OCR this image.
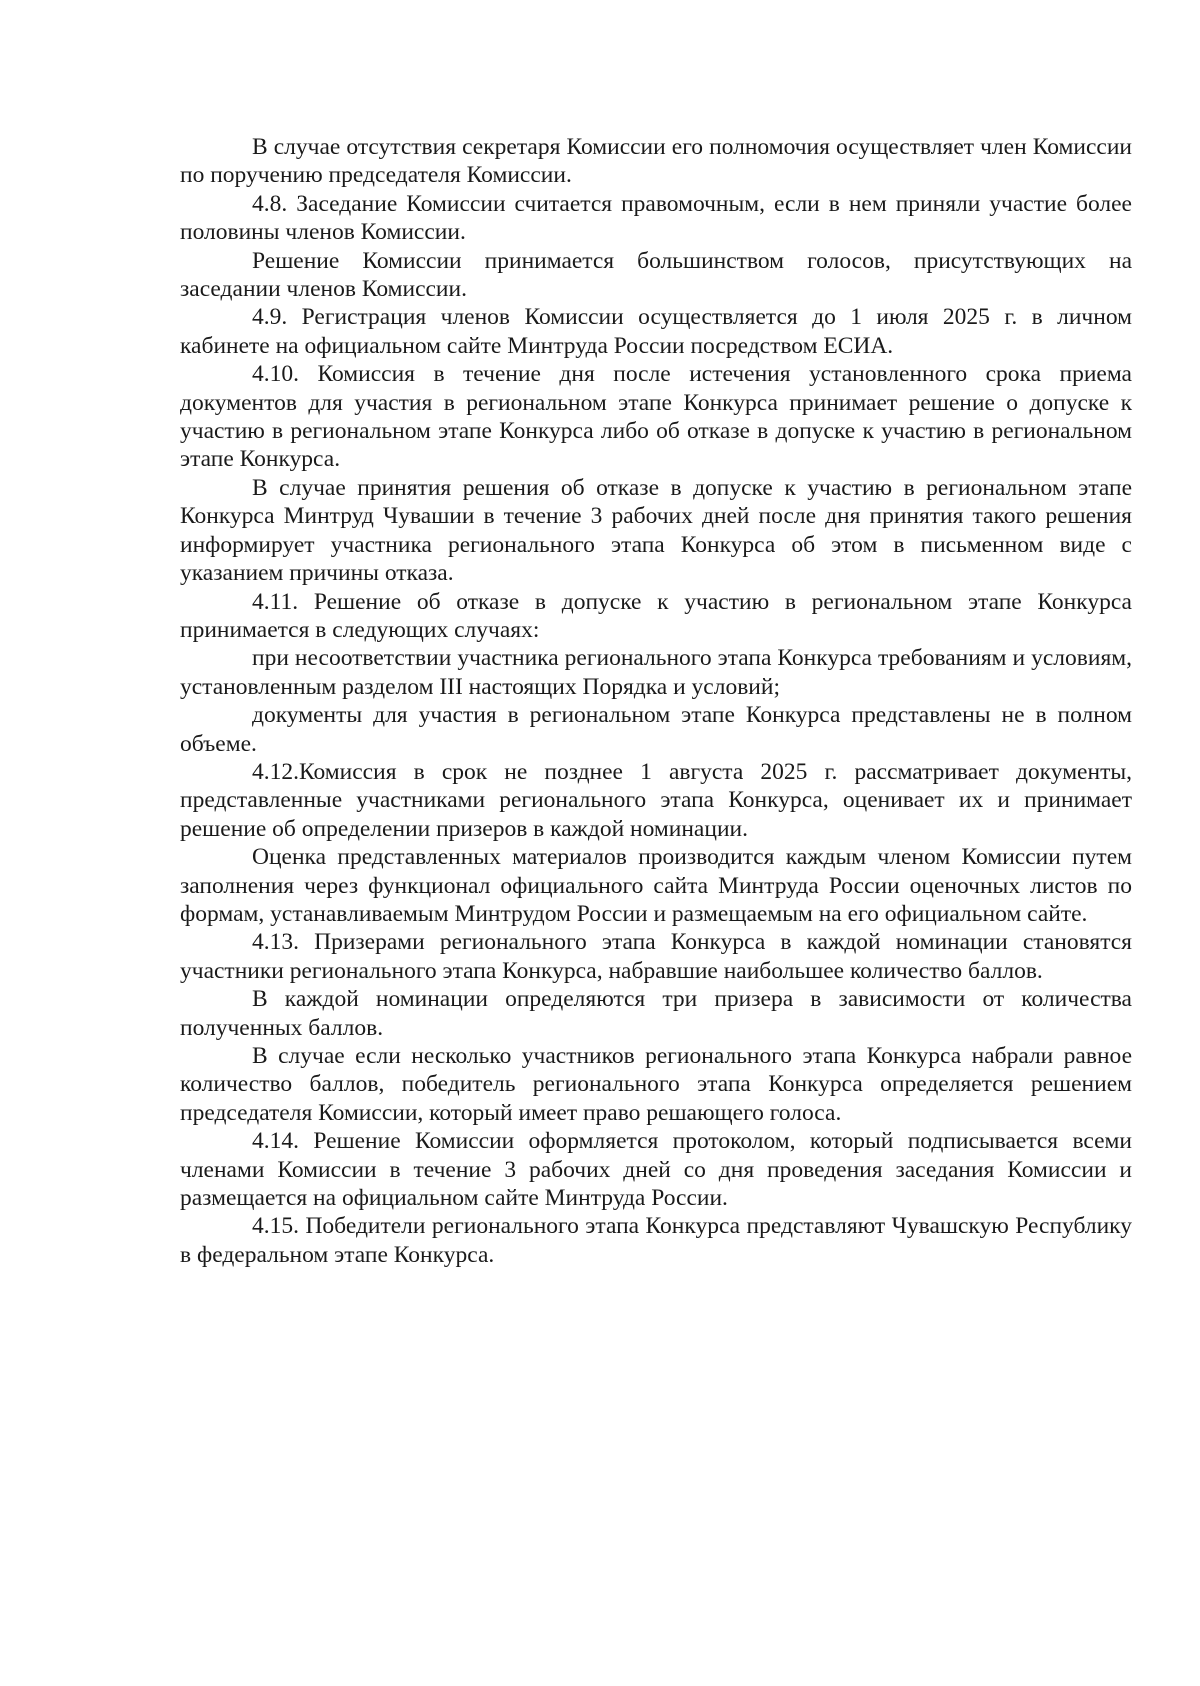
В случае отсутствия секретаря Комиссии его полномочия осуществляет член Комиссии по поручению председателя Комиссии.

4.8. Заседание Комиссии считается правомочным, если в нем приняли участие более половины членов Комиссии.

Решение Комиссии принимается большинством голосов, присутствующих на заседании членов Комиссии.

4.9. Регистрация членов Комиссии осуществляется до 1 июля 2025 г. в личном кабинете на официальном сайте Минтруда России посредством ЕСИА.

4.10. Комиссия в течение дня после истечения установленного срока приема документов для участия в региональном этапе Конкурса принимает решение о допуске к участию в региональном этапе Конкурса либо об отказе в допуске к участию в региональном этапе Конкурса.

В случае принятия решения об отказе в допуске к участию в региональном этапе Конкурса Минтруд Чувашии в течение 3 рабочих дней после дня принятия такого решения информирует участника регионального этапа Конкурса об этом в письменном виде с указанием причины отказа.

4.11. Решение об отказе в допуске к участию в региональном этапе Конкурса принимается в следующих случаях:

при несоответствии участника регионального этапа Конкурса требованиям и условиям, установленным разделом III настоящих Порядка и условий;

документы для участия в региональном этапе Конкурса представлены не в полном объеме.

4.12.Комиссия в срок не позднее 1 августа 2025 г. рассматривает документы, представленные участниками регионального этапа Конкурса, оценивает их и принимает решение об определении призеров в каждой номинации.

Оценка представленных материалов производится каждым членом Комиссии путем заполнения через функционал официального сайта Минтруда России оценочных листов по формам, устанавливаемым Минтрудом России и размещаемым на его официальном сайте.

4.13. Призерами регионального этапа Конкурса в каждой номинации становятся участники регионального этапа Конкурса, набравшие наибольшее количество баллов.

В каждой номинации определяются три призера в зависимости от количества полученных баллов.

В случае если несколько участников регионального этапа Конкурса набрали равное количество баллов, победитель регионального этапа Конкурса определяется решением председателя Комиссии, который имеет право решающего голоса.

4.14. Решение Комиссии оформляется протоколом, который подписывается всеми членами Комиссии в течение 3 рабочих дней со дня проведения заседания Комиссии и размещается на официальном сайте Минтруда России.

4.15. Победители регионального этапа Конкурса представляют Чувашскую Республику в федеральном этапе Конкурса.
